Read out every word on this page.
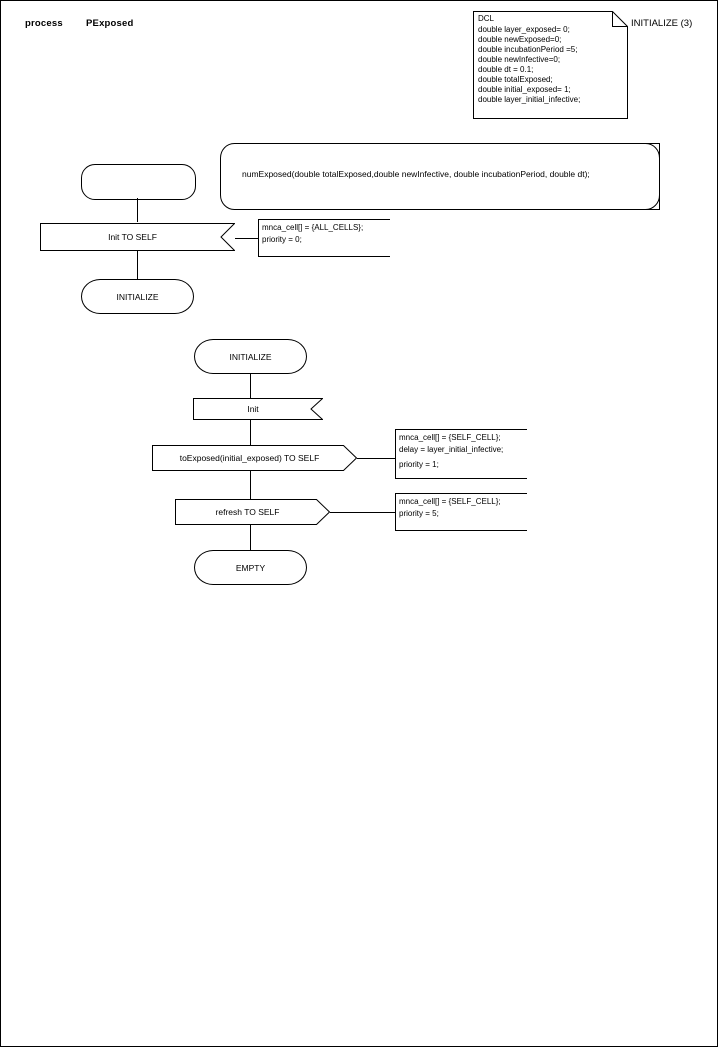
process PExposed	INITIALIZE (3)
DCL
double layer_exposed= 0;
double newExposed=0;
double incubationPeriod =5;
double newInfective=0;
double dt = 0.1;
double totalExposed;
double initial_exposed= 1;
double layer_initial_infective;
numExposed(double totalExposed,double newInfective, double incubationPeriod, double dt);
Init TO SELF
mnca_cell[] = {ALL_CELLS};
priority = 0;
INITIALIZE
INITIALIZE
Init
toExposed(initial_exposed) TO SELF
mnca_cell[] = {SELF_CELL};
delay = layer_initial_infective;
priority = 1;
refresh TO SELF
mnca_cell[] = {SELF_CELL};
priority = 5;
EMPTY
